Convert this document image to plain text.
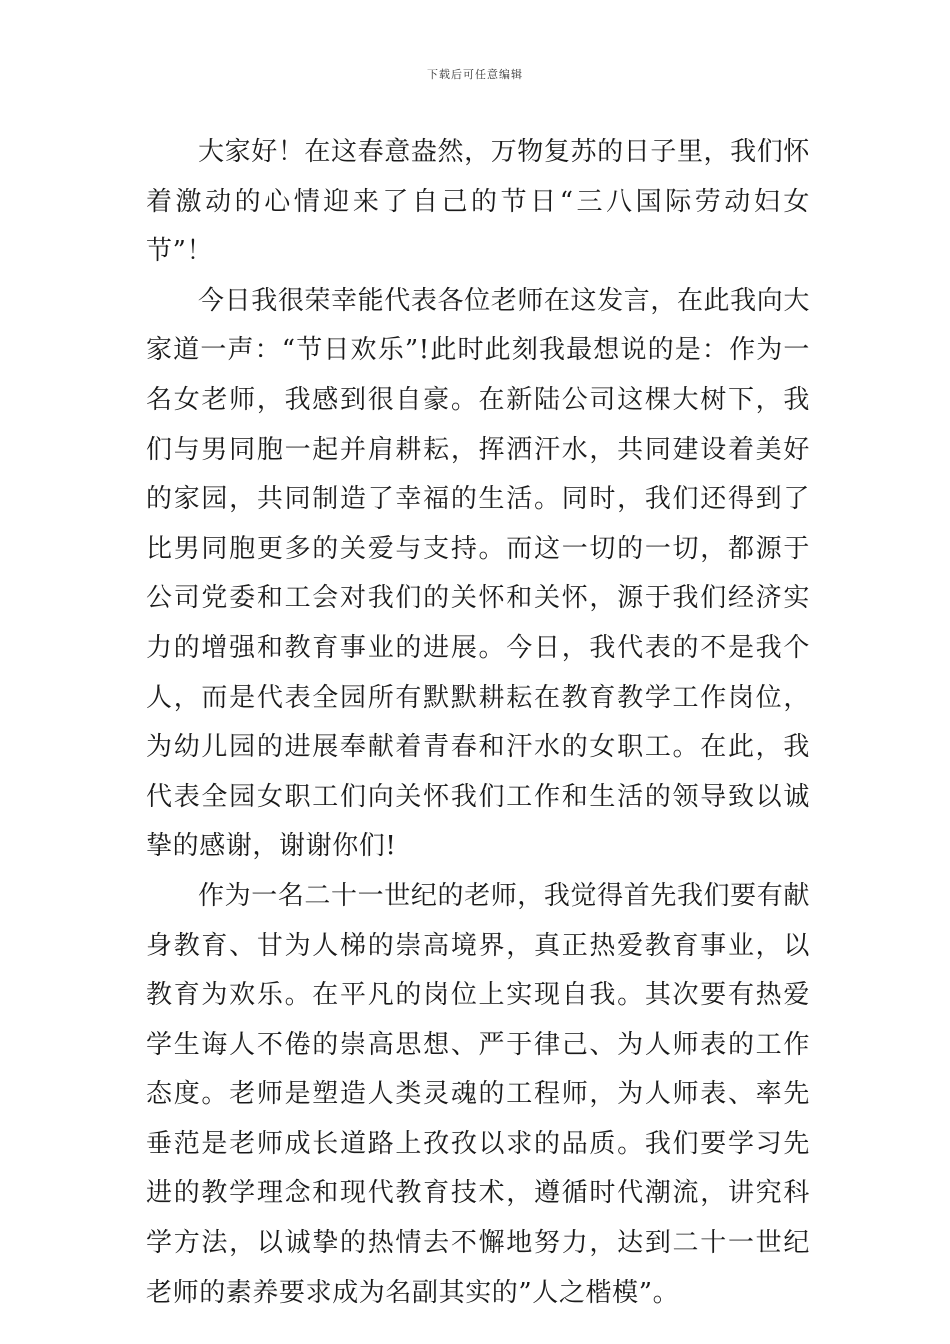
下载后可任意编辑

大家好！在这春意盎然，万物复苏的日子里，我们怀着激动的心情迎来了自己的节日“三八国际劳动妇女节”！

今日我很荣幸能代表各位老师在这发言，在此我向大家道一声：“节日欢乐”!此时此刻我最想说的是：作为一名女老师，我感到很自豪。在新陆公司这棵大树下，我们与男同胞一起并肩耕耘，挥洒汗水，共同建设着美好的家园，共同制造了幸福的生活。同时，我们还得到了比男同胞更多的关爱与支持。而这一切的一切，都源于公司党委和工会对我们的关怀和关怀，源于我们经济实力的增强和教育事业的进展。今日，我代表的不是我个人，而是代表全园所有默默耕耘在教育教学工作岗位，为幼儿园的进展奉献着青春和汗水的女职工。在此，我代表全园女职工们向关怀我们工作和生活的领导致以诚挚的感谢，谢谢你们!

作为一名二十一世纪的老师，我觉得首先我们要有献身教育、甘为人梯的崇高境界，真正热爱教育事业，以教育为欢乐。在平凡的岗位上实现自我。其次要有热爱学生诲人不倦的崇高思想、严于律己、为人师表的工作态度。老师是塑造人类灵魂的工程师，为人师表、率先垂范是老师成长道路上孜孜以求的品质。我们要学习先进的教学理念和现代教育技术，遵循时代潮流，讲究科学方法，以诚挚的热情去不懈地努力，达到二十一世纪老师的素养要求成为名副其实的”人之楷模”。
